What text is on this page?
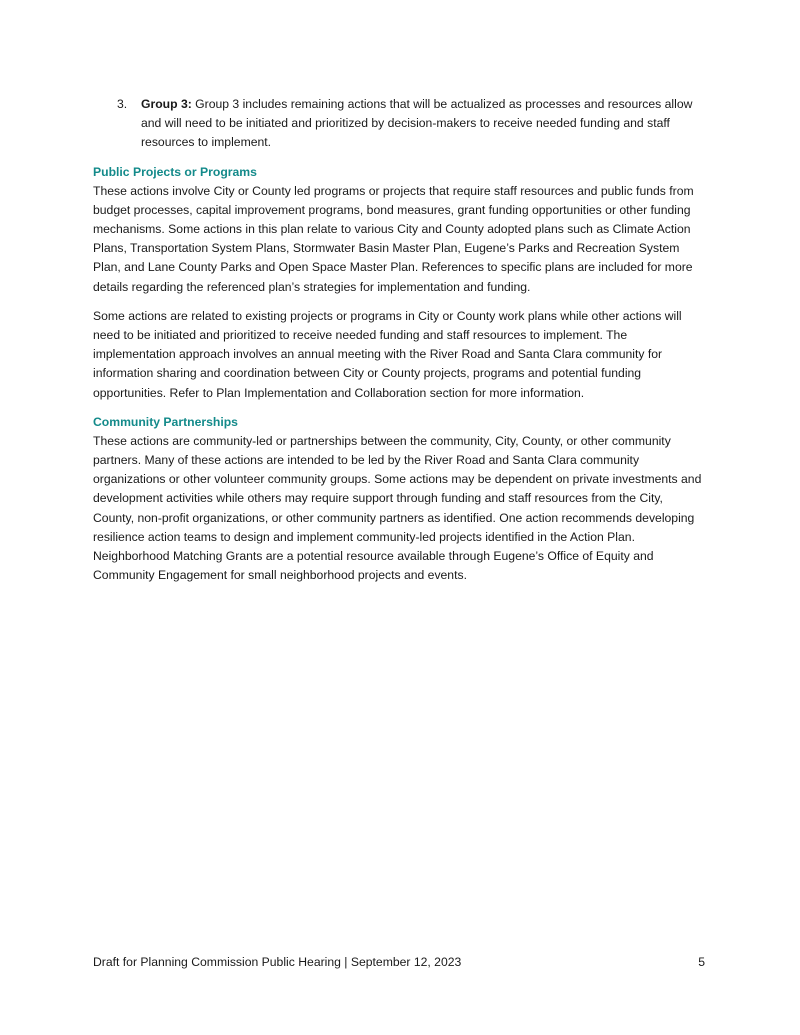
3.	Group 3: Group 3 includes remaining actions that will be actualized as processes and resources allow and will need to be initiated and prioritized by decision-makers to receive needed funding and staff resources to implement.
Public Projects or Programs

These actions involve City or County led programs or projects that require staff resources and public funds from budget processes, capital improvement programs, bond measures, grant funding opportunities or other funding mechanisms. Some actions in this plan relate to various City and County adopted plans such as Climate Action Plans, Transportation System Plans, Stormwater Basin Master Plan, Eugene’s Parks and Recreation System Plan, and Lane County Parks and Open Space Master Plan. References to specific plans are included for more details regarding the referenced plan’s strategies for implementation and funding.

Some actions are related to existing projects or programs in City or County work plans while other actions will need to be initiated and prioritized to receive needed funding and staff resources to implement. The implementation approach involves an annual meeting with the River Road and Santa Clara community for information sharing and coordination between City or County projects, programs and potential funding opportunities. Refer to Plan Implementation and Collaboration section for more information.

Community Partnerships

These actions are community-led or partnerships between the community, City, County, or other community partners. Many of these actions are intended to be led by the River Road and Santa Clara community organizations or other volunteer community groups. Some actions may be dependent on private investments and development activities while others may require support through funding and staff resources from the City, County, non-profit organizations, or other community partners as identified. One action recommends developing resilience action teams to design and implement community-led projects identified in the Action Plan. Neighborhood Matching Grants are a potential resource available through Eugene’s Office of Equity and Community Engagement for small neighborhood projects and events.

Draft for Planning Commission Public Hearing | September 12, 2023	5
